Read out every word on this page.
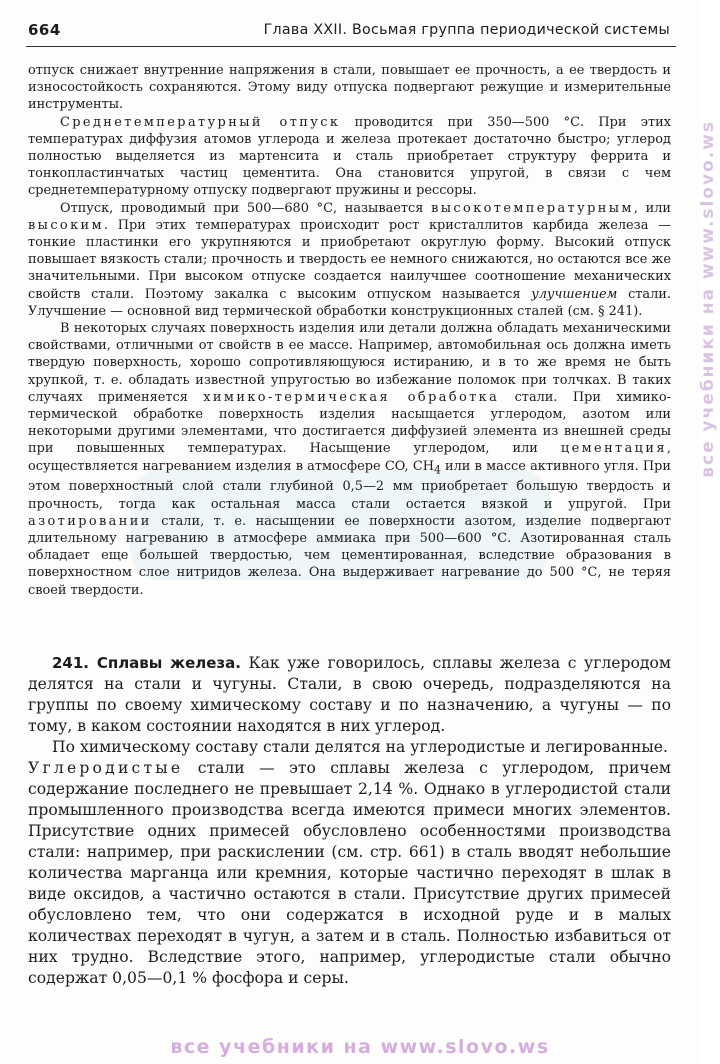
664	Глава XXII. Восьмая группа периодической системы

отпуск снижает внутренние напряжения в стали, повышает ее прочность, а ее твердость и износостойкость сохраняются. Этому виду отпуска подвергают режущие и измерительные инструменты.

Среднетемпературный отпуск проводится при 350—500 °С. При этих температурах диффузия атомов углерода и железа протекает достаточно быстро; углерод полностью выделяется из мартенсита и сталь приобретает структуру феррита и тонкопластинчатых частиц цементита. Она становится упругой, в связи с чем среднетемпературному отпуску подвергают пружины и рессоры.

Отпуск, проводимый при 500—680 °С, называется высокотемпературным, или высоким. При этих температурах происходит рост кристаллитов карбида железа — тонкие пластинки его укрупняются и приобретают округлую форму. Высокий отпуск повышает вязкость стали; прочность и твердость ее немного снижаются, но остаются все же значительными. При высоком отпуске создается наилучшее соотношение механических свойств стали. Поэтому закалка с высоким отпуском называется улучшением стали. Улучшение — основной вид термической обработки конструкционных сталей (см. § 241).

В некоторых случаях поверхность изделия или детали должна обладать механическими свойствами, отличными от свойств в ее массе. Например, автомобильная ось должна иметь твердую поверхность, хорошо сопротивляющуюся истиранию, и в то же время не быть хрупкой, т. е. обладать известной упругостью во избежание поломок при толчках. В таких случаях применяется химико-термическая обработка стали. При химико-термической обработке поверхность изделия насыщается углеродом, азотом или некоторыми другими элементами, что достигается диффузией элемента из внешней среды при повышенных температурах. Насыщение углеродом, или цементация, осуществляется нагреванием изделия в атмосфере CO, $CH_4$ или в массе активного угля. При этом поверхностный слой стали глубиной 0,5—2 мм приобретает большую твердость и прочность, тогда как остальная масса стали остается вязкой и упругой. При азотировании стали, т. е. насыщении ее поверхности азотом, изделие подвергают длительному нагреванию в атмосфере аммиака при 500—600 °С. Азотированная сталь обладает еще большей твердостью, чем цементированная, вследствие образования в поверхностном слое нитридов железа. Она выдерживает нагревание до 500 °С, не теряя своей твердости.

241. Сплавы железа. Как уже говорилось, сплавы железа с углеродом делятся на стали и чугуны. Стали, в свою очередь, подразделяются на группы по своему химическому составу и по назначению, а чугуны — по тому, в каком состоянии находятся в них углерод.

По химическому составу стали делятся на углеродистые и легированные.

Углеродистые стали — это сплавы железа с углеродом, причем содержание последнего не превышает 2,14 %. Однако в углеродистой стали промышленного производства всегда имеются примеси многих элементов. Присутствие одних примесей обусловлено особенностями производства стали: например, при раскислении (см. стр. 661) в сталь вводят небольшие количества марганца или кремния, которые частично переходят в шлак в виде оксидов, а частично остаются в стали. Присутствие других примесей обусловлено тем, что они содержатся в исходной руде и в малых количествах переходят в чугун, а затем и в сталь. Полностью избавиться от них трудно. Вследствие этого, например, углеродистые стали обычно содержат 0,05—0,1 % фосфора и серы.

все учебники на www.slovo.ws
все учебники на www.slovo.ws
